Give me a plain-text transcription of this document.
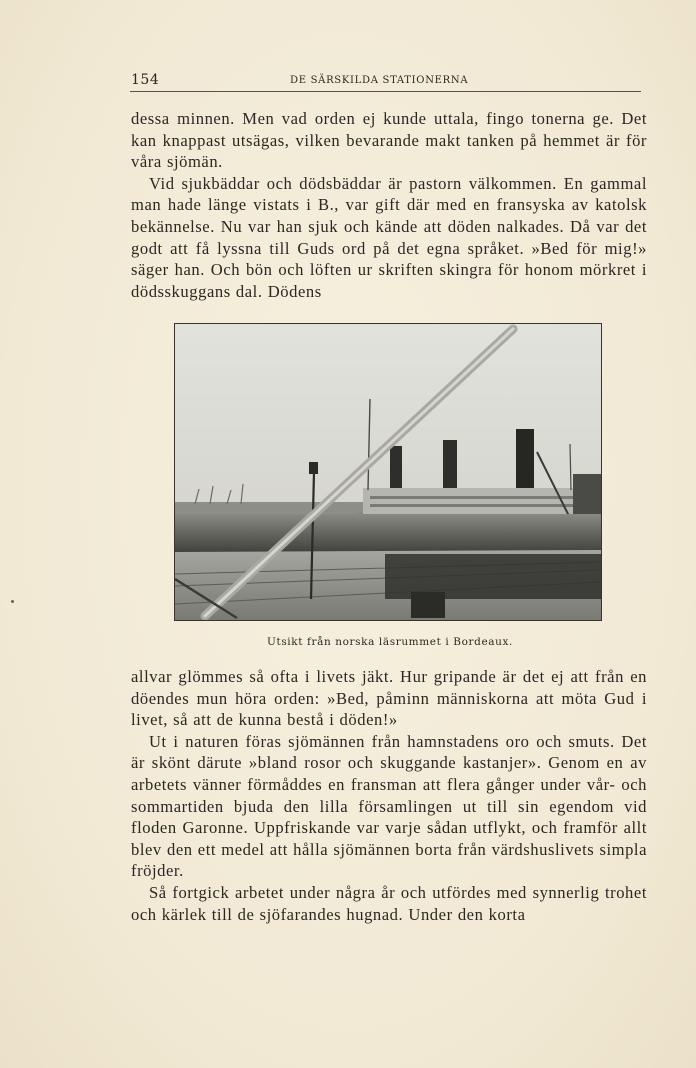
154	DE SÄRSKILDA STATIONERNA

dessa minnen. Men vad orden ej kunde uttala, fingo tonerna ge. Det kan knappast utsägas, vilken bevarande makt tanken på hemmet är för våra sjömän.

Vid sjukbäddar och dödsbäddar är pastorn välkommen. En gammal man hade länge vistats i B., var gift där med en fransyska av katolsk bekännelse. Nu var han sjuk och kände att döden nalkades. Då var det godt att få lyssna till Guds ord på det egna språket. »Bed för mig!» säger han. Och bön och löften ur skriften skingra för honom mörkret i dödsskuggans dal. Dödens

Utsikt från norska läsrummet i Bordeaux.

allvar glömmes så ofta i livets jäkt. Hur gripande är det ej att från en döendes mun höra orden: »Bed, påminn människorna att möta Gud i livet, så att de kunna bestå i döden!»

Ut i naturen föras sjömännen från hamnstadens oro och smuts. Det är skönt därute »bland rosor och skuggande kastanjer». Genom en av arbetets vänner förmåddes en fransman att flera gånger under vår- och sommartiden bjuda den lilla församlingen ut till sin egendom vid floden Garonne. Uppfriskande var varje sådan utflykt, och framför allt blev den ett medel att hålla sjömännen borta från värdshuslivets simpla fröjder.

Så fortgick arbetet under några år och utfördes med synnerlig trohet och kärlek till de sjöfarandes hugnad. Under den korta
